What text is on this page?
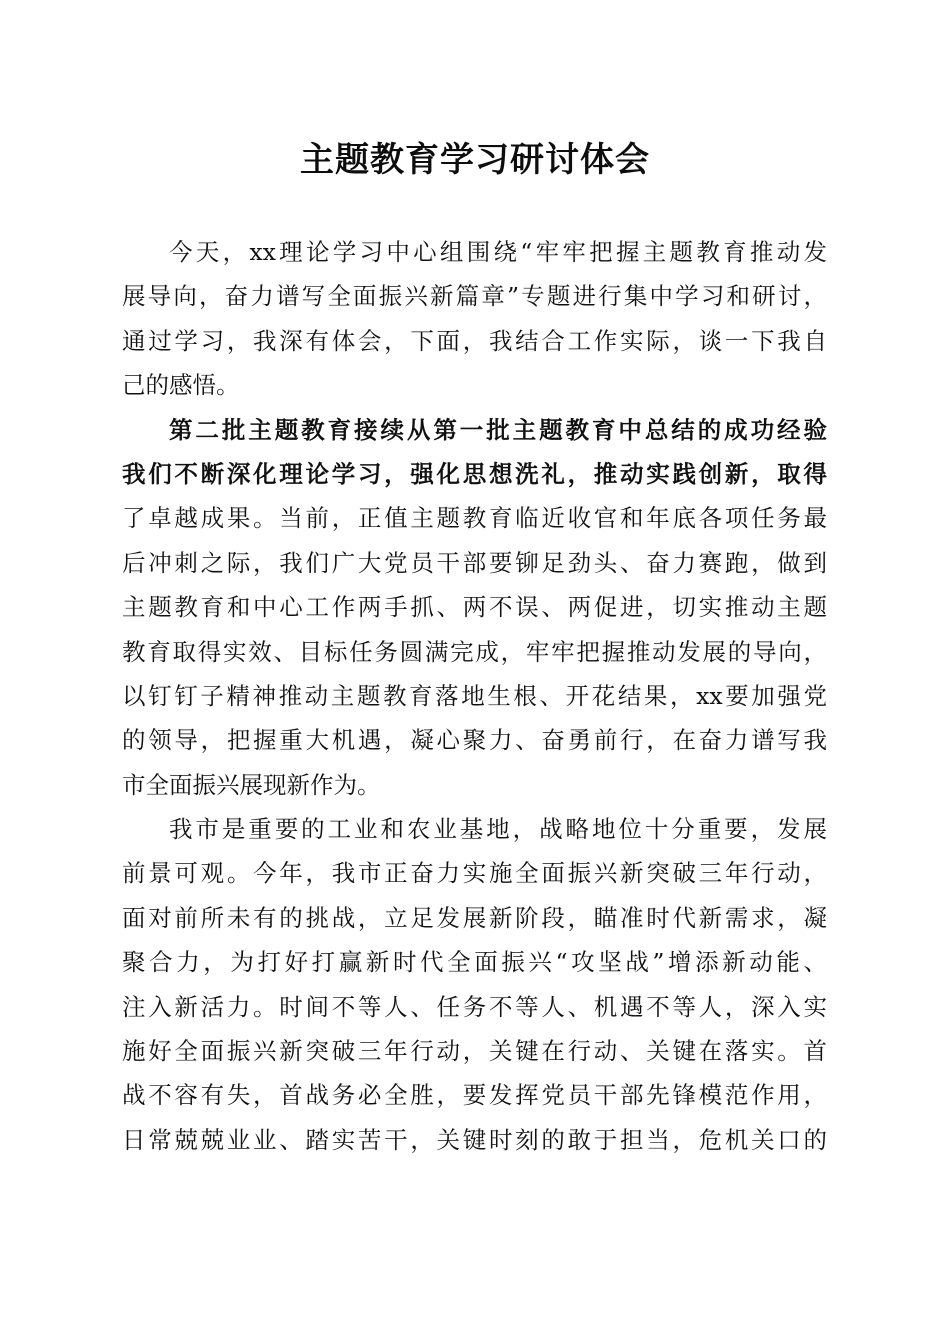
主题教育学习研讨体会
今天，xx理论学习中心组围绕“牢牢把握主题教育推动发
展导向，奋力谱写全面振兴新篇章”专题进行集中学习和研讨，
通过学习，我深有体会，下面，我结合工作实际，谈一下我自
己的感悟。
第二批主题教育接续从第一批主题教育中总结的成功经验
我们不断深化理论学习，强化思想洗礼，推动实践创新，取得
了卓越成果。当前，正值主题教育临近收官和年底各项任务最
后冲刺之际，我们广大党员干部要铆足劲头、奋力赛跑，做到
主题教育和中心工作两手抓、两不误、两促进，切实推动主题
教育取得实效、目标任务圆满完成，牢牢把握推动发展的导向，
以钉钉子精神推动主题教育落地生根、开花结果，xx要加强党
的领导，把握重大机遇，凝心聚力、奋勇前行，在奋力谱写我
市全面振兴展现新作为。
我市是重要的工业和农业基地，战略地位十分重要，发展
前景可观。今年，我市正奋力实施全面振兴新突破三年行动，
面对前所未有的挑战，立足发展新阶段，瞄准时代新需求，凝
聚合力，为打好打赢新时代全面振兴“攻坚战”增添新动能、
注入新活力。时间不等人、任务不等人、机遇不等人，深入实
施好全面振兴新突破三年行动，关键在行动、关键在落实。首
战不容有失，首战务必全胜，要发挥党员干部先锋模范作用，
日常兢兢业业、踏实苦干，关键时刻的敢于担当，危机关口的
